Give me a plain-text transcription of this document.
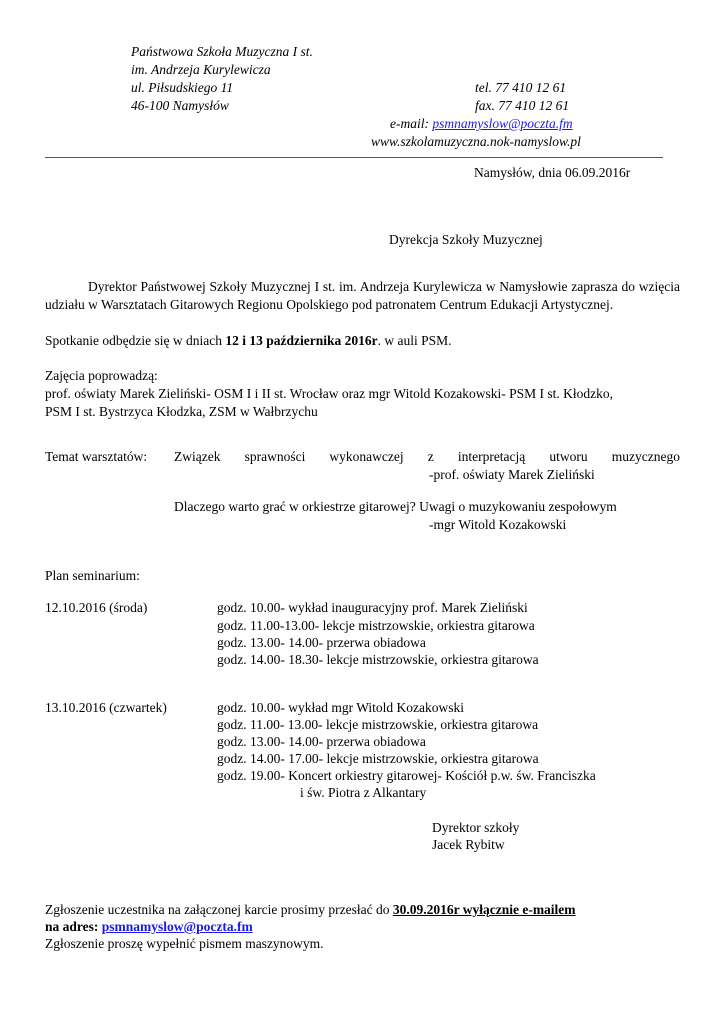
Państwowa Szkoła Muzyczna I st.
im. Andrzeja Kurylewicza
ul. Piłsudskiego 11
46-100 Namysłów
tel. 77 410 12 61
fax. 77 410 12 61
e-mail: psmnamyslow@poczta.fm
www.szkolamuzyczna.nok-namyslow.pl
Namysłów, dnia 06.09.2016r
Dyrekcja Szkoły Muzycznej
Dyrektor Państwowej Szkoły Muzycznej I st. im. Andrzeja Kurylewicza w Namysłowie zaprasza do wzięcia udziału w Warsztatach Gitarowych Regionu Opolskiego pod patronatem Centrum Edukacji Artystycznej.
Spotkanie odbędzie się w dniach 12 i 13 października 2016r. w auli PSM.
Zajęcia poprowadzą:
prof. oświaty Marek Zieliński- OSM I i II st. Wrocław oraz mgr Witold Kozakowski- PSM I st. Kłodzko,
PSM I st. Bystrzyca Kłodzka, ZSM w Wałbrzychu
Temat warsztatów: Związek sprawności wykonawczej z interpretacją utworu muzycznego
-prof. oświaty Marek Zieliński
Dlaczego warto grać w orkiestrze gitarowej? Uwagi o muzykowaniu zespołowym
-mgr Witold Kozakowski
Plan seminarium:
12.10.2016 (środa)	godz. 10.00- wykład inauguracyjny prof. Marek Zieliński
godz. 11.00-13.00- lekcje mistrzowskie, orkiestra gitarowa
godz. 13.00- 14.00- przerwa obiadowa
godz. 14.00- 18.30- lekcje mistrzowskie, orkiestra gitarowa
13.10.2016 (czwartek)	godz. 10.00- wykład mgr Witold Kozakowski
godz. 11.00- 13.00- lekcje mistrzowskie, orkiestra gitarowa
godz. 13.00- 14.00- przerwa obiadowa
godz. 14.00- 17.00- lekcje mistrzowskie, orkiestra gitarowa
godz. 19.00- Koncert orkiestry gitarowej- Kościół p.w. św. Franciszka
i św. Piotra z Alkantary
Dyrektor szkoły
Jacek Rybitw
Zgłoszenie uczestnika na załączonej karcie prosimy przesłać do 30.09.2016r wyłącznie e-mailem
na adres: psmnamyslow@poczta.fm
Zgłoszenie proszę wypełnić pismem maszynowym.
